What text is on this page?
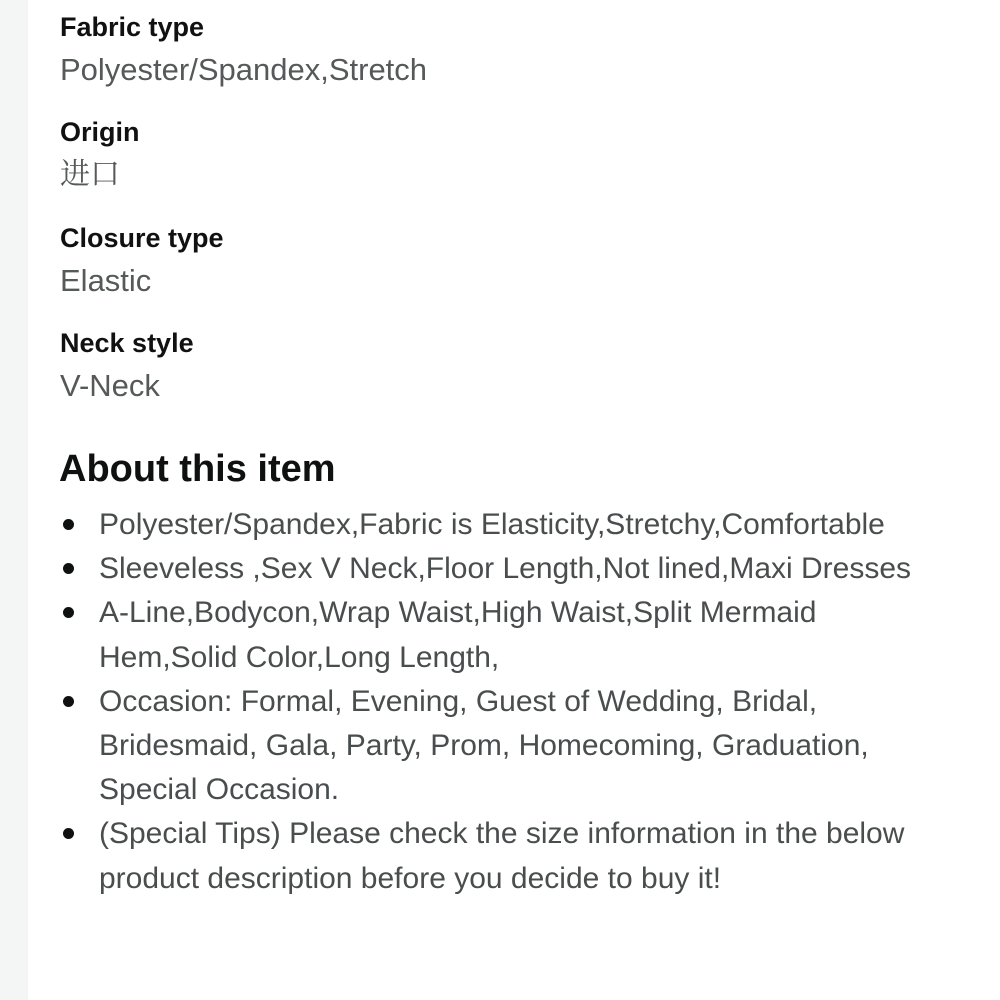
Fabric type
Polyester/Spandex,Stretch
Origin
进口
Closure type
Elastic
Neck style
V-Neck
About this item
Polyester/Spandex,Fabric is Elasticity,Stretchy,Comfortable
Sleeveless ,Sex V Neck,Floor Length,Not lined,Maxi Dresses
A-Line,Bodycon,Wrap Waist,High Waist,Split Mermaid Hem,Solid Color,Long Length,
Occasion: Formal, Evening, Guest of Wedding, Bridal, Bridesmaid, Gala, Party, Prom, Homecoming, Graduation, Special Occasion.
(Special Tips) Please check the size information in the below product description before you decide to buy it!
